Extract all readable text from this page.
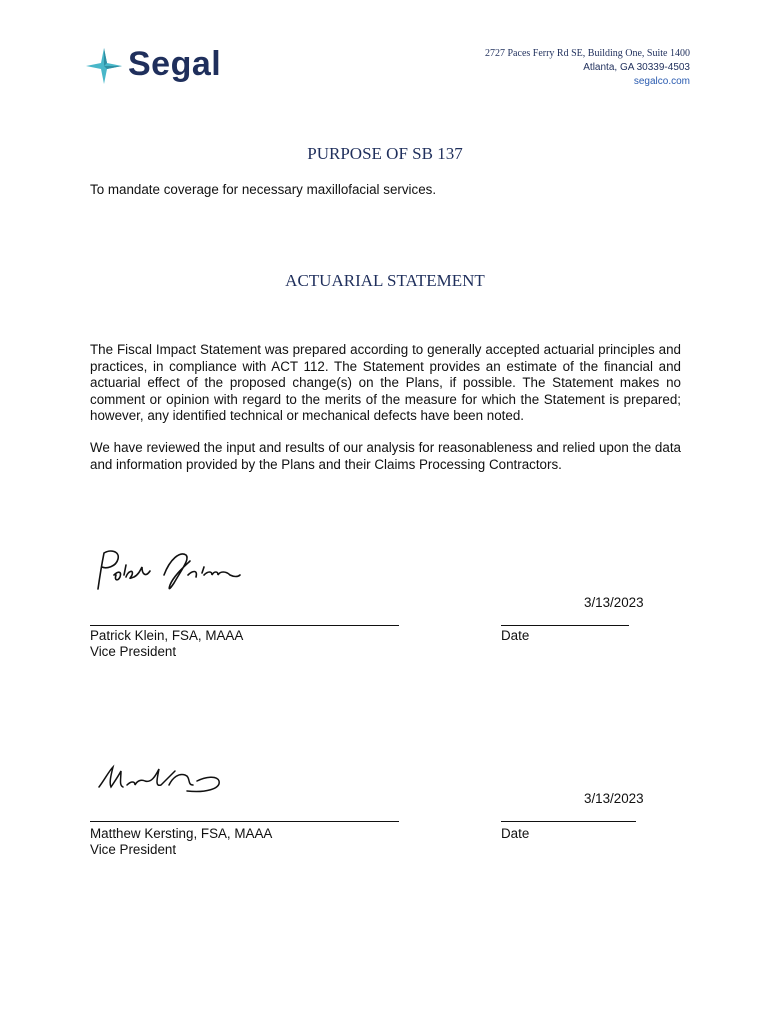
Segal	2727 Paces Ferry Rd SE, Building One, Suite 1400
Atlanta, GA 30339-4503
segalco.com
PURPOSE OF SB 137

To mandate coverage for necessary maxillofacial services.

ACTUARIAL STATEMENT

The Fiscal Impact Statement was prepared according to generally accepted actuarial principles and practices, in compliance with ACT 112. The Statement provides an estimate of the financial and actuarial effect of the proposed change(s) on the Plans, if possible. The Statement makes no comment or opinion with regard to the merits of the measure for which the Statement is prepared; however, any identified technical or mechanical defects have been noted.

We have reviewed the input and results of our analysis for reasonableness and relied upon the data and information provided by the Plans and their Claims Processing Contractors.

3/13/2023
Patrick Klein, FSA, MAAA
Vice President
Date
3/13/2023
Matthew Kersting, FSA, MAAA
Vice President
Date
